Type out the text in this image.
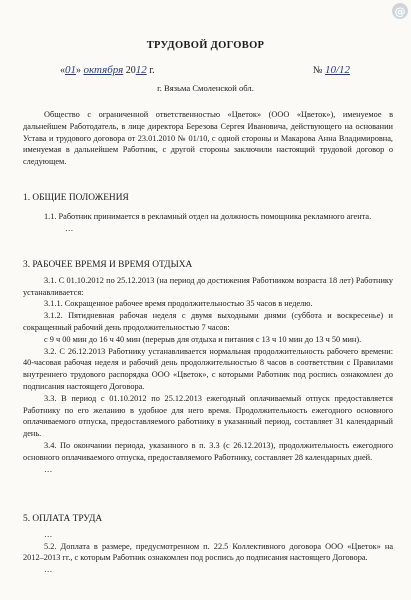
@
ТРУДОВОЙ ДОГОВОР
«01» октября 2012 г.	№ 10/12
г. Вязьма Смоленской обл.

Общество с ограниченной ответственностью «Цветок» (ООО «Цветок»), именуемое в дальнейшем Работодатель, в лице директора Березова Сергея Ивановича, действующего на основании Устава и трудового договора от 23.01.2010 № 01/10, с одной стороны и Макарова Анна Владимировна, именуемая в дальнейшем Работник, с другой стороны заключили настоящий трудовой договор о следующем.

1. ОБЩИЕ ПОЛОЖЕНИЯ

1.1. Работник принимается в рекламный отдел на должность помощника рекламного агента.

…

3. РАБОЧЕЕ ВРЕМЯ И ВРЕМЯ ОТДЫХА

3.1. С 01.10.2012 по 25.12.2013 (на период до достижения Работником возраста 18 лет) Работнику устанавливается:

3.1.1. Сокращенное рабочее время продолжительностью 35 часов в неделю.

3.1.2. Пятидневная рабочая неделя с двумя выходными днями (суббота и воскресенье) и сокращенный рабочий день продолжительностью 7 часов:

с 9 ч 00 мин до 16 ч 40 мин (перерыв для отдыха и питания с 13 ч 10 мин до 13 ч 50 мин).

3.2. С 26.12.2013 Работнику устанавливается нормальная продолжительность рабочего времени: 40-часовая рабочая неделя и рабочий день продолжительностью 8 часов в соответствии с Правилами внутреннего трудового распорядка ООО «Цветок», с которыми Работник под роспись ознакомлен до подписания настоящего Договора.

3.3. В период с 01.10.2012 по 25.12.2013 ежегодный оплачиваемый отпуск предоставляется Работнику по его желанию в удобное для него время. Продолжительность ежегодного основного оплачиваемого отпуска, предоставляемого работнику в указанный период, составляет 31 календарный день.

3.4. По окончании периода, указанного в п. 3.3 (с 26.12.2013), продолжительность ежегодного основного оплачиваемого отпуска, предоставляемого Работнику, составляет 28 календарных дней.

…

5. ОПЛАТА ТРУДА

…

5.2. Доплата в размере, предусмотренном п. 22.5 Коллективного договора ООО «Цветок» на 2012–2013 гг., с которым Работник ознакомлен под роспись до подписания настоящего Договора.

…
